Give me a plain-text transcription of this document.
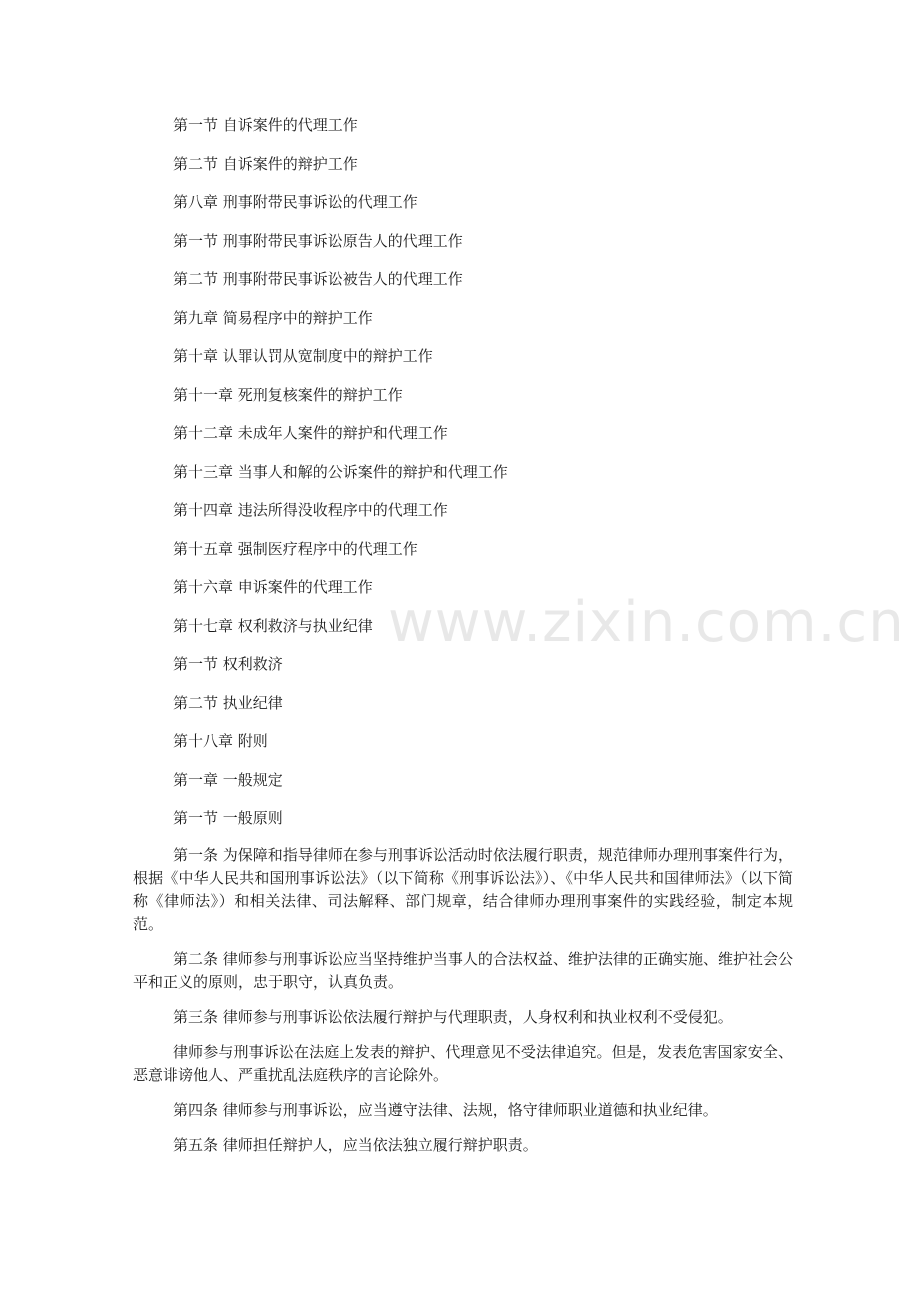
第一节 自诉案件的代理工作
第二节 自诉案件的辩护工作
第八章 刑事附带民事诉讼的代理工作
第一节 刑事附带民事诉讼原告人的代理工作
第二节 刑事附带民事诉讼被告人的代理工作
第九章 简易程序中的辩护工作
第十章 认罪认罚从宽制度中的辩护工作
第十一章 死刑复核案件的辩护工作
第十二章 未成年人案件的辩护和代理工作
第十三章 当事人和解的公诉案件的辩护和代理工作
第十四章 违法所得没收程序中的代理工作
第十五章 强制医疗程序中的代理工作
第十六章 申诉案件的代理工作
第十七章 权利救济与执业纪律
第一节 权利救济
第二节 执业纪律
第十八章 附则
第一章 一般规定
第一节 一般原则

第一条 为保障和指导律师在参与刑事诉讼活动时依法履行职责，规范律师办理刑事案件行为，根据《中华人民共和国刑事诉讼法》（以下简称《刑事诉讼法》）、《中华人民共和国律师法》（以下简称《律师法》）和相关法律、司法解释、部门规章，结合律师办理刑事案件的实践经验，制定本规范。

第二条 律师参与刑事诉讼应当坚持维护当事人的合法权益、维护法律的正确实施、维护社会公平和正义的原则，忠于职守，认真负责。

第三条 律师参与刑事诉讼依法履行辩护与代理职责，人身权利和执业权利不受侵犯。

律师参与刑事诉讼在法庭上发表的辩护、代理意见不受法律追究。但是，发表危害国家安全、恶意诽谤他人、严重扰乱法庭秩序的言论除外。

第四条 律师参与刑事诉讼，应当遵守法律、法规，恪守律师职业道德和执业纪律。

第五条 律师担任辩护人，应当依法独立履行辩护职责。

www.zixin.com.cn
